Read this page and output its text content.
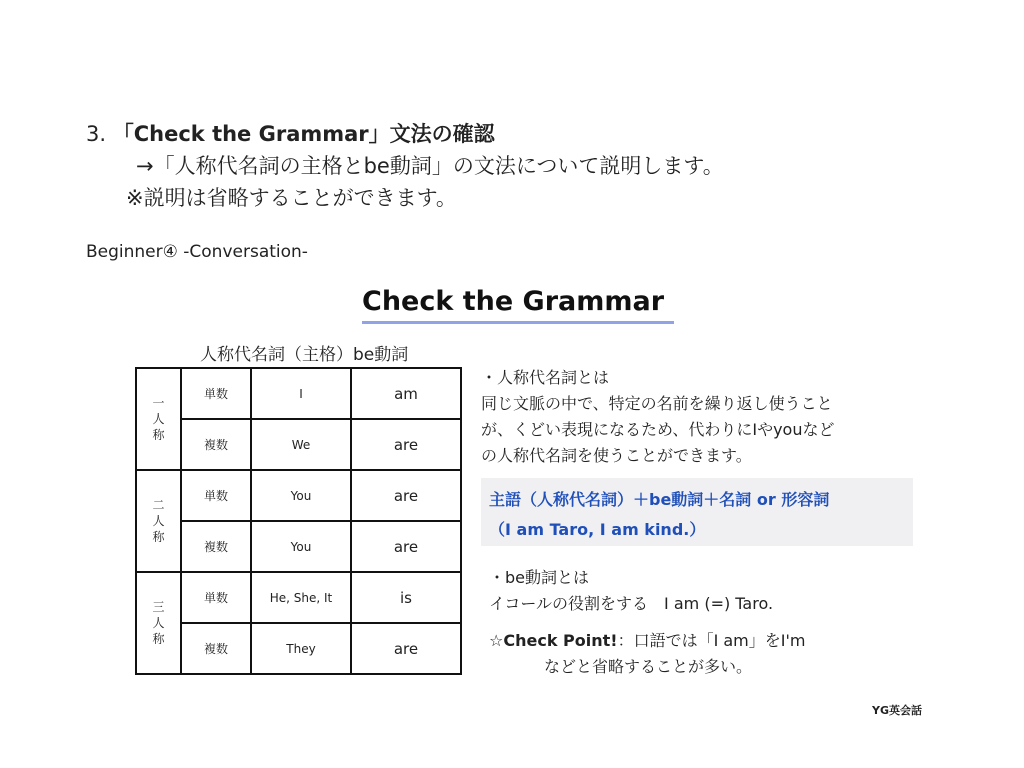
3. 「Check the Grammar」文法の確認
→「人称代名詞の主格とbe動詞」の文法について説明します。
※説明は省略することができます。
Beginner④ -Conversation-
Check the Grammar
人称代名詞（主格）be動詞
一
人
称	単数	I	am
	複数	We	are
二
人
称	単数	You	are
	複数	You	are
三
人
称	単数	He, She, It	is
	複数	They	are
・人称代名詞とは
同じ文脈の中で、特定の名前を繰り返し使うこと
が、くどい表現になるため、代わりにIやyouなど
の人称代名詞を使うことができます。
主語（人称代名詞）＋be動詞＋名詞 or 形容詞
（I am Taro, I am kind.）
・be動詞とは
イコールの役割をする　I am (=) Taro.
☆Check Point!：口語では「I am」をI'm
などと省略することが多い。
YG英会話
